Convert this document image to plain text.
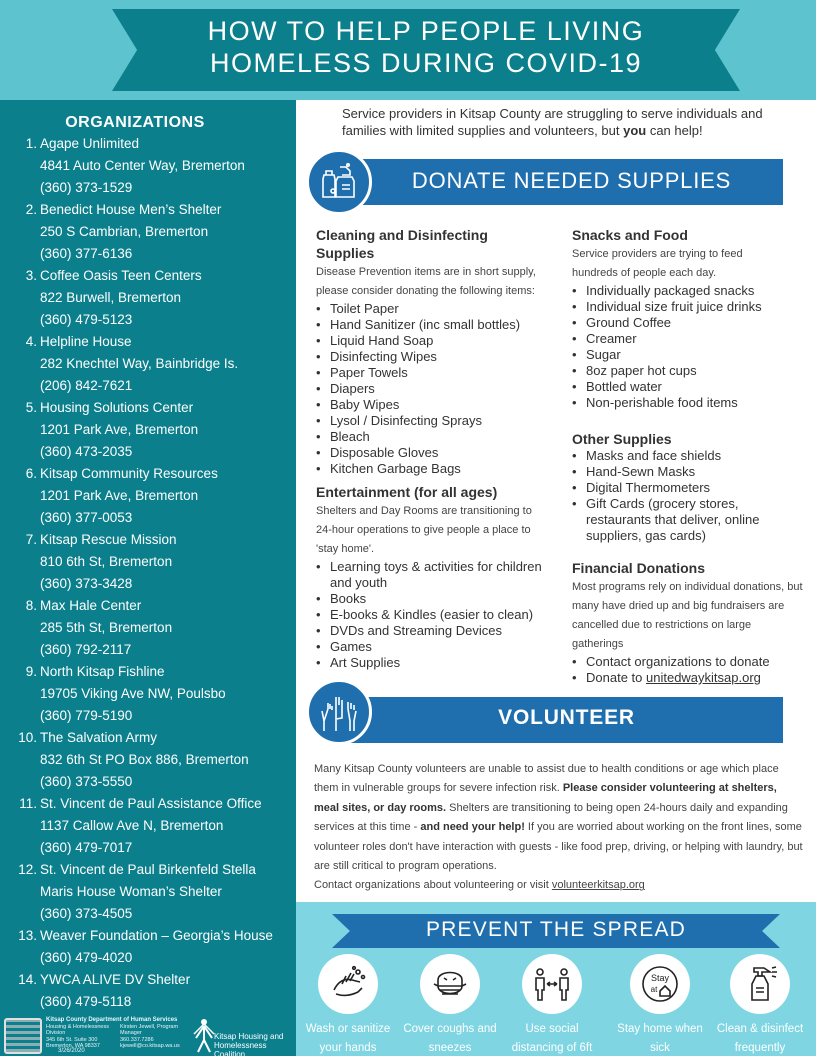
HOW TO HELP PEOPLE LIVING
HOMELESS DURING COVID-19
ORGANIZATIONS
1. Agape Unlimited
4841 Auto Center Way, Bremerton
(360) 373-1529
2. Benedict House Men’s Shelter
250 S Cambrian, Bremerton
(360) 377-6136
3. Coffee Oasis Teen Centers
822 Burwell, Bremerton
(360) 479-5123
4. Helpline House
282 Knechtel Way, Bainbridge Is.
(206) 842-7621
5. Housing Solutions Center
1201 Park Ave, Bremerton
(360) 473-2035
6. Kitsap Community Resources
1201 Park Ave, Bremerton
(360) 377-0053
7. Kitsap Rescue Mission
810 6th St, Bremerton
(360) 373-3428
8. Max Hale Center
285 5th St, Bremerton
(360) 792-2117
9. North Kitsap Fishline
19705 Viking Ave NW, Poulsbo
(360) 779-5190
10. The Salvation Army
832 6th St PO Box 886, Bremerton
(360) 373-5550
11. St. Vincent de Paul Assistance Office
1137 Callow Ave N, Bremerton
(360) 479-7017
12. St. Vincent de Paul Birkenfeld Stella
Maris House Woman’s Shelter
(360) 373-4505
13. Weaver Foundation – Georgia’s House
(360) 479-4020
14. YWCA ALIVE DV Shelter
(360) 479-5118
Kitsap County Department of Human Services
Housing & Homelessness Division
345 6th St. Suite 300
Bremerton, WA 98337
Kirsten Jewell, Program Manager
360.337.7286
kjewell@co.kitsap.wa.us
3/26/2020
Kitsap Housing and
Homelessness Coalition

Service providers in Kitsap County are struggling to serve individuals and families with limited supplies and volunteers, but you can help!

DONATE NEEDED SUPPLIES
Cleaning and Disinfecting Supplies
Disease Prevention items are in short supply, please consider donating the following items:
• Toilet Paper
• Hand Sanitizer (inc small bottles)
• Liquid Hand Soap
• Disinfecting Wipes
• Paper Towels
• Diapers
• Baby Wipes
• Lysol / Disinfecting Sprays
• Bleach
• Disposable Gloves
• Kitchen Garbage Bags
Entertainment (for all ages)
Shelters and Day Rooms are transitioning to 24-hour operations to give people a place to 'stay home'.
• Learning toys & activities for children and youth
• Books
• E-books & Kindles (easier to clean)
• DVDs and Streaming Devices
• Games
• Art Supplies
Snacks and Food
Service providers are trying to feed hundreds of people each day.
• Individually packaged snacks
• Individual size fruit juice drinks
• Ground Coffee
• Creamer
• Sugar
• 8oz paper hot cups
• Bottled water
• Non-perishable food items
Other Supplies
• Masks and face shields
• Hand-Sewn Masks
• Digital Thermometers
• Gift Cards (grocery stores, restaurants that deliver, online suppliers, gas cards)
Financial Donations
Most programs rely on individual donations, but many have dried up and big fundraisers are cancelled due to restrictions on large gatherings
• Contact organizations to donate
• Donate to unitedwaykitsap.org
VOLUNTEER

Many Kitsap County volunteers are unable to assist due to health conditions or age which place them in vulnerable groups for severe infection risk. Please consider volunteering at shelters, meal sites, or day rooms. Shelters are transitioning to being open 24-hours daily and expanding services at this time - and need your help! If you are worried about working on the front lines, some volunteer roles don't have interaction with guests - like food prep, driving, or helping with laundry, but are still critical to program operations.
Contact organizations about volunteering or visit volunteerkitsap.org

PREVENT THE SPREAD
Wash or sanitize
your hands
Cover coughs and
sneezes
Use social
distancing of 6ft
Stay
at
Stay home when
sick
Clean & disinfect
frequently
